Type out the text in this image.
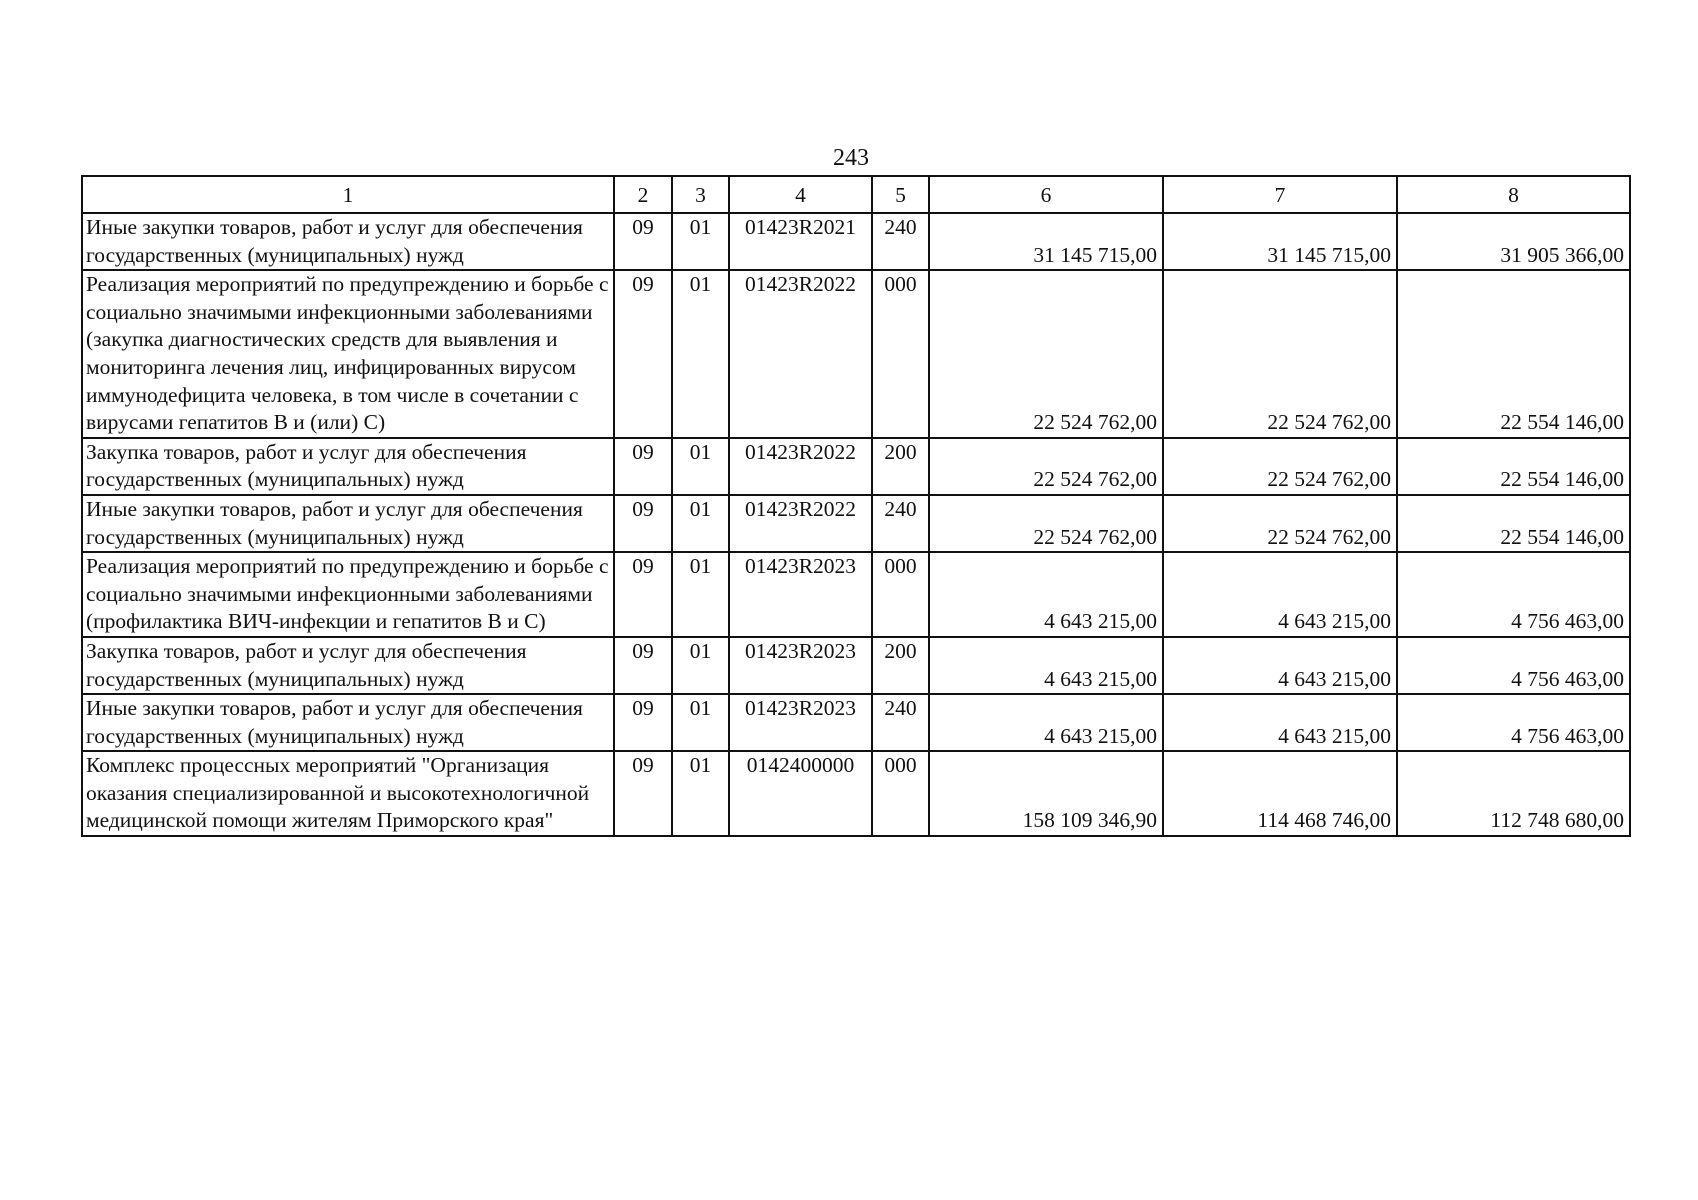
243
1	2	3	4	5	6	7	8
Иные закупки товаров, работ и услуг для обеспечения государственных (муниципальных) нужд	09	01	01423R2021	240	31 145 715,00	31 145 715,00	31 905 366,00
Реализация мероприятий по предупреждению и борьбе с социально значимыми инфекционными заболеваниями (закупка диагностических средств для выявления и мониторинга лечения лиц, инфицированных вирусом иммунодефицита человека, в том числе в сочетании с вирусами гепатитов B и (или) C)	09	01	01423R2022	000	22 524 762,00	22 524 762,00	22 554 146,00
Закупка товаров, работ и услуг для обеспечения государственных (муниципальных) нужд	09	01	01423R2022	200	22 524 762,00	22 524 762,00	22 554 146,00
Иные закупки товаров, работ и услуг для обеспечения государственных (муниципальных) нужд	09	01	01423R2022	240	22 524 762,00	22 524 762,00	22 554 146,00
Реализация мероприятий по предупреждению и борьбе с социально значимыми инфекционными заболеваниями (профилактика ВИЧ-инфекции и гепатитов B и C)	09	01	01423R2023	000	4 643 215,00	4 643 215,00	4 756 463,00
Закупка товаров, работ и услуг для обеспечения государственных (муниципальных) нужд	09	01	01423R2023	200	4 643 215,00	4 643 215,00	4 756 463,00
Иные закупки товаров, работ и услуг для обеспечения государственных (муниципальных) нужд	09	01	01423R2023	240	4 643 215,00	4 643 215,00	4 756 463,00
Комплекс процессных мероприятий "Организация оказания специализированной и высокотехнологичной медицинской помощи жителям Приморского края"	09	01	0142400000	000	158 109 346,90	114 468 746,00	112 748 680,00
